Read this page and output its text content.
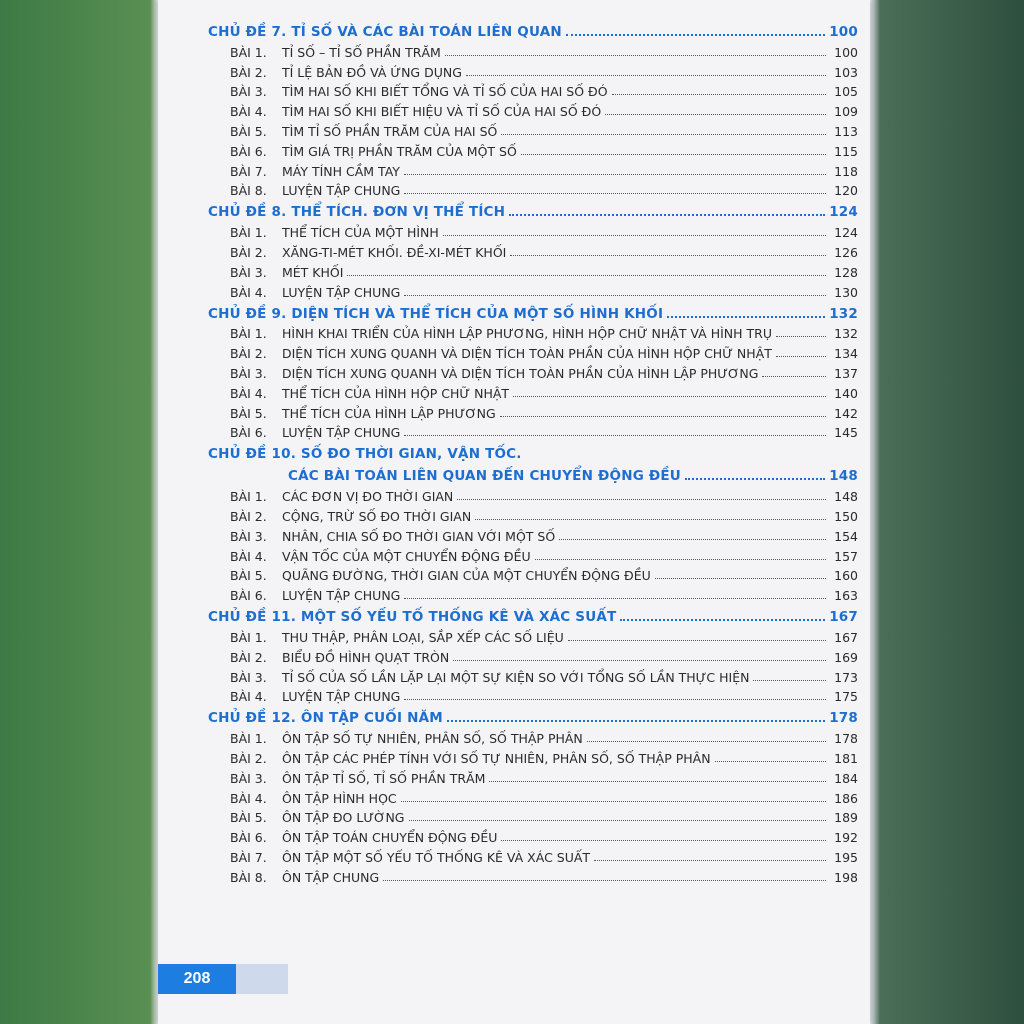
CHỦ ĐỀ 7. TỈ SỐ VÀ CÁC BÀI TOÁN LIÊN QUAN	100
BÀI 1.	TỈ SỐ – TỈ SỐ PHẦN TRĂM	100
BÀI 2.	TỈ LỆ BẢN ĐỒ VÀ ỨNG DỤNG	103
BÀI 3.	TÌM HAI SỐ KHI BIẾT TỔNG VÀ TỈ SỐ CỦA HAI SỐ ĐÓ	105
BÀI 4.	TÌM HAI SỐ KHI BIẾT HIỆU VÀ TỈ SỐ CỦA HAI SỐ ĐÓ	109
BÀI 5.	TÌM TỈ SỐ PHẦN TRĂM CỦA HAI SỐ	113
BÀI 6.	TÌM GIÁ TRỊ PHẦN TRĂM CỦA MỘT SỐ	115
BÀI 7.	MÁY TÍNH CẦM TAY	118
BÀI 8.	LUYỆN TẬP CHUNG	120
CHỦ ĐỀ 8. THỂ TÍCH. ĐƠN VỊ THỂ TÍCH	124
BÀI 1.	THỂ TÍCH CỦA MỘT HÌNH	124
BÀI 2.	XĂNG-TI-MÉT KHỐI. ĐỀ-XI-MÉT KHỐI	126
BÀI 3.	MÉT KHỐI	128
BÀI 4.	LUYỆN TẬP CHUNG	130
CHỦ ĐỀ 9. DIỆN TÍCH VÀ THỂ TÍCH CỦA MỘT SỐ HÌNH KHỐI	132
BÀI 1.	HÌNH KHAI TRIỂN CỦA HÌNH LẬP PHƯƠNG, HÌNH HỘP CHỮ NHẬT VÀ HÌNH TRỤ	132
BÀI 2.	DIỆN TÍCH XUNG QUANH VÀ DIỆN TÍCH TOÀN PHẦN CỦA HÌNH HỘP CHỮ NHẬT	134
BÀI 3.	DIỆN TÍCH XUNG QUANH VÀ DIỆN TÍCH TOÀN PHẦN CỦA HÌNH LẬP PHƯƠNG	137
BÀI 4.	THỂ TÍCH CỦA HÌNH HỘP CHỮ NHẬT	140
BÀI 5.	THỂ TÍCH CỦA HÌNH LẬP PHƯƠNG	142
BÀI 6.	LUYỆN TẬP CHUNG	145
CHỦ ĐỀ 10. SỐ ĐO THỜI GIAN, VẬN TỐC.
CÁC BÀI TOÁN LIÊN QUAN ĐẾN CHUYỂN ĐỘNG ĐỀU	148
BÀI 1.	CÁC ĐƠN VỊ ĐO THỜI GIAN	148
BÀI 2.	CỘNG, TRỪ SỐ ĐO THỜI GIAN	150
BÀI 3.	NHÂN, CHIA SỐ ĐO THỜI GIAN VỚI MỘT SỐ	154
BÀI 4.	VẬN TỐC CỦA MỘT CHUYỂN ĐỘNG ĐỀU	157
BÀI 5.	QUÃNG ĐƯỜNG, THỜI GIAN CỦA MỘT CHUYỂN ĐỘNG ĐỀU	160
BÀI 6.	LUYỆN TẬP CHUNG	163
CHỦ ĐỀ 11. MỘT SỐ YẾU TỐ THỐNG KÊ VÀ XÁC SUẤT	167
BÀI 1.	THU THẬP, PHÂN LOẠI, SẮP XẾP CÁC SỐ LIỆU	167
BÀI 2.	BIỂU ĐỒ HÌNH QUẠT TRÒN	169
BÀI 3.	TỈ SỐ CỦA SỐ LẦN LẶP LẠI MỘT SỰ KIỆN SO VỚI TỔNG SỐ LẦN THỰC HIỆN	173
BÀI 4.	LUYỆN TẬP CHUNG	175
CHỦ ĐỀ 12. ÔN TẬP CUỐI NĂM	178
BÀI 1.	ÔN TẬP SỐ TỰ NHIÊN, PHÂN SỐ, SỐ THẬP PHÂN	178
BÀI 2.	ÔN TẬP CÁC PHÉP TÍNH VỚI SỐ TỰ NHIÊN, PHÂN SỐ, SỐ THẬP PHÂN	181
BÀI 3.	ÔN TẬP TỈ SỐ, TỈ SỐ PHẦN TRĂM	184
BÀI 4.	ÔN TẬP HÌNH HỌC	186
BÀI 5.	ÔN TẬP ĐO LƯỜNG	189
BÀI 6.	ÔN TẬP TOÁN CHUYỂN ĐỘNG ĐỀU	192
BÀI 7.	ÔN TẬP MỘT SỐ YẾU TỐ THỐNG KÊ VÀ XÁC SUẤT	195
BÀI 8.	ÔN TẬP CHUNG	198
208
